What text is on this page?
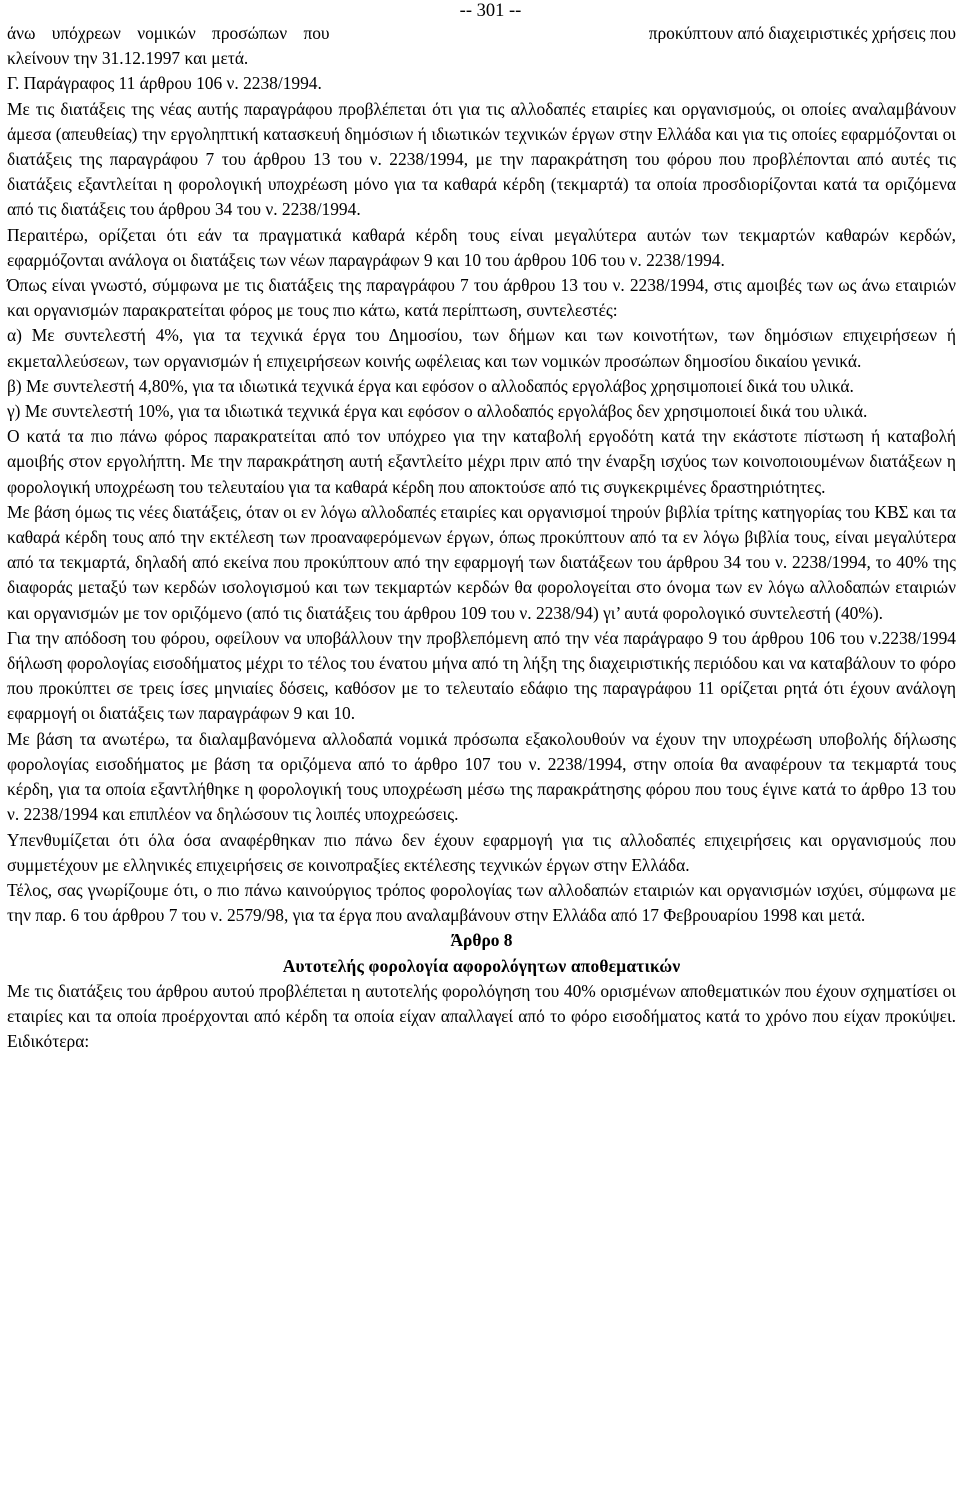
-- 301 --
άνω υπόχρεων νομικών προσώπων που	προκύπτουν από διαχειριστικές χρήσεις που

κλείνουν την 31.12.1997 και μετά.

Γ. Παράγραφος 11 άρθρου 106 ν. 2238/1994.

Με τις διατάξεις της νέας αυτής παραγράφου προβλέπεται ότι για τις αλλοδαπές εταιρίες και οργανισμούς, οι οποίες αναλαμβάνουν άμεσα (απευθείας) την εργοληπτική κατασκευή δημόσιων ή ιδιωτικών τεχνικών έργων στην Ελλάδα και για τις οποίες εφαρμόζονται οι διατάξεις της παραγράφου 7 του άρθρου 13 του ν. 2238/1994, με την παρακράτηση του φόρου που προβλέπονται από αυτές τις διατάξεις εξαντλείται η φορολογική υποχρέωση μόνο για τα καθαρά κέρδη (τεκμαρτά) τα οποία προσδιορίζονται κατά τα οριζόμενα από τις διατάξεις του άρθρου 34 του ν. 2238/1994.

Περαιτέρω, ορίζεται ότι εάν τα πραγματικά καθαρά κέρδη τους είναι μεγαλύτερα αυτών των τεκμαρτών καθαρών κερδών, εφαρμόζονται ανάλογα οι διατάξεις των νέων παραγράφων 9 και 10 του άρθρου 106 του ν. 2238/1994.

Όπως είναι γνωστό, σύμφωνα με τις διατάξεις της παραγράφου 7 του άρθρου 13 του ν. 2238/1994, στις αμοιβές των ως άνω εταιριών και οργανισμών παρακρατείται φόρος με τους πιο κάτω, κατά περίπτωση, συντελεστές:

α) Με συντελεστή 4%, για τα τεχνικά έργα του Δημοσίου, των δήμων και των κοινοτήτων, των δημόσιων επιχειρήσεων ή εκμεταλλεύσεων, των οργανισμών ή επιχειρήσεων κοινής ωφέλειας και των νομικών προσώπων δημοσίου δικαίου γενικά.

β) Με συντελεστή 4,80%, για τα ιδιωτικά τεχνικά έργα και εφόσον ο αλλοδαπός εργολάβος χρησιμοποιεί δικά του υλικά.

γ) Με συντελεστή 10%, για τα ιδιωτικά τεχνικά έργα και εφόσον ο αλλοδαπός εργολάβος δεν χρησιμοποιεί δικά του υλικά.

Ο κατά τα πιο πάνω φόρος παρακρατείται από τον υπόχρεο για την καταβολή εργοδότη κατά την εκάστοτε πίστωση ή καταβολή αμοιβής στον εργολήπτη. Με την παρακράτηση αυτή εξαντλείτο μέχρι πριν από την έναρξη ισχύος των κοινοποιουμένων διατάξεων η φορολογική υποχρέωση του τελευταίου για τα καθαρά κέρδη που αποκτούσε από τις συγκεκριμένες δραστηριότητες.

Με βάση όμως τις νέες διατάξεις, όταν οι εν λόγω αλλοδαπές εταιρίες και οργανισμοί τηρούν βιβλία τρίτης κατηγορίας του ΚΒΣ και τα καθαρά κέρδη τους από την εκτέλεση των προαναφερόμενων έργων, όπως προκύπτουν από τα εν λόγω βιβλία τους, είναι μεγαλύτερα από τα τεκμαρτά, δηλαδή από εκείνα που προκύπτουν από την εφαρμογή των διατάξεων του άρθρου 34 του ν. 2238/1994, το 40% της διαφοράς μεταξύ των κερδών ισολογισμού και των τεκμαρτών κερδών θα φορολογείται στο όνομα των εν λόγω αλλοδαπών εταιριών και οργανισμών με τον οριζόμενο (από τις διατάξεις του άρθρου 109 του ν. 2238/94) γι’ αυτά φορολογικό συντελεστή (40%).

Για την απόδοση του φόρου, οφείλουν να υποβάλλουν την προβλεπόμενη από την νέα παράγραφο 9 του άρθρου 106 του ν.2238/1994 δήλωση φορολογίας εισοδήματος μέχρι το τέλος του ένατου μήνα από τη λήξη της διαχειριστικής περιόδου και να καταβάλουν το φόρο που προκύπτει σε τρεις ίσες μηνιαίες δόσεις, καθόσον με το τελευταίο εδάφιο της παραγράφου 11 ορίζεται ρητά ότι έχουν ανάλογη εφαρμογή οι διατάξεις των παραγράφων 9 και 10.

Με βάση τα ανωτέρω, τα διαλαμβανόμενα αλλοδαπά νομικά πρόσωπα εξακολουθούν να έχουν την υποχρέωση υποβολής δήλωσης φορολογίας εισοδήματος με βάση τα οριζόμενα από το άρθρο 107 του ν. 2238/1994, στην οποία θα αναφέρουν τα τεκμαρτά τους κέρδη, για τα οποία εξαντλήθηκε η φορολογική τους υποχρέωση μέσω της παρακράτησης φόρου που τους έγινε κατά το άρθρο 13 του ν. 2238/1994 και επιπλέον να δηλώσουν τις λοιπές υποχρεώσεις.

Υπενθυμίζεται ότι όλα όσα αναφέρθηκαν πιο πάνω δεν έχουν εφαρμογή για τις αλλοδαπές επιχειρήσεις και οργανισμούς που συμμετέχουν με ελληνικές επιχειρήσεις σε κοινοπραξίες εκτέλεσης τεχνικών έργων στην Ελλάδα.

Τέλος, σας γνωρίζουμε ότι, ο πιο πάνω καινούργιος τρόπος φορολογίας των αλλοδαπών εταιριών και οργανισμών ισχύει, σύμφωνα με την παρ. 6 του άρθρου 7 του ν. 2579/98, για τα έργα που αναλαμβάνουν στην Ελλάδα από 17 Φεβρουαρίου 1998 και μετά.

Άρθρο 8

Αυτοτελής φορολογία αφορολόγητων αποθεματικών

Με τις διατάξεις του άρθρου αυτού προβλέπεται η αυτοτελής φορολόγηση του 40% ορισμένων αποθεματικών που έχουν σχηματίσει οι εταιρίες και τα οποία προέρχονται από κέρδη τα οποία είχαν απαλλαγεί από το φόρο εισοδήματος κατά το χρόνο που είχαν προκύψει. Ειδικότερα:
